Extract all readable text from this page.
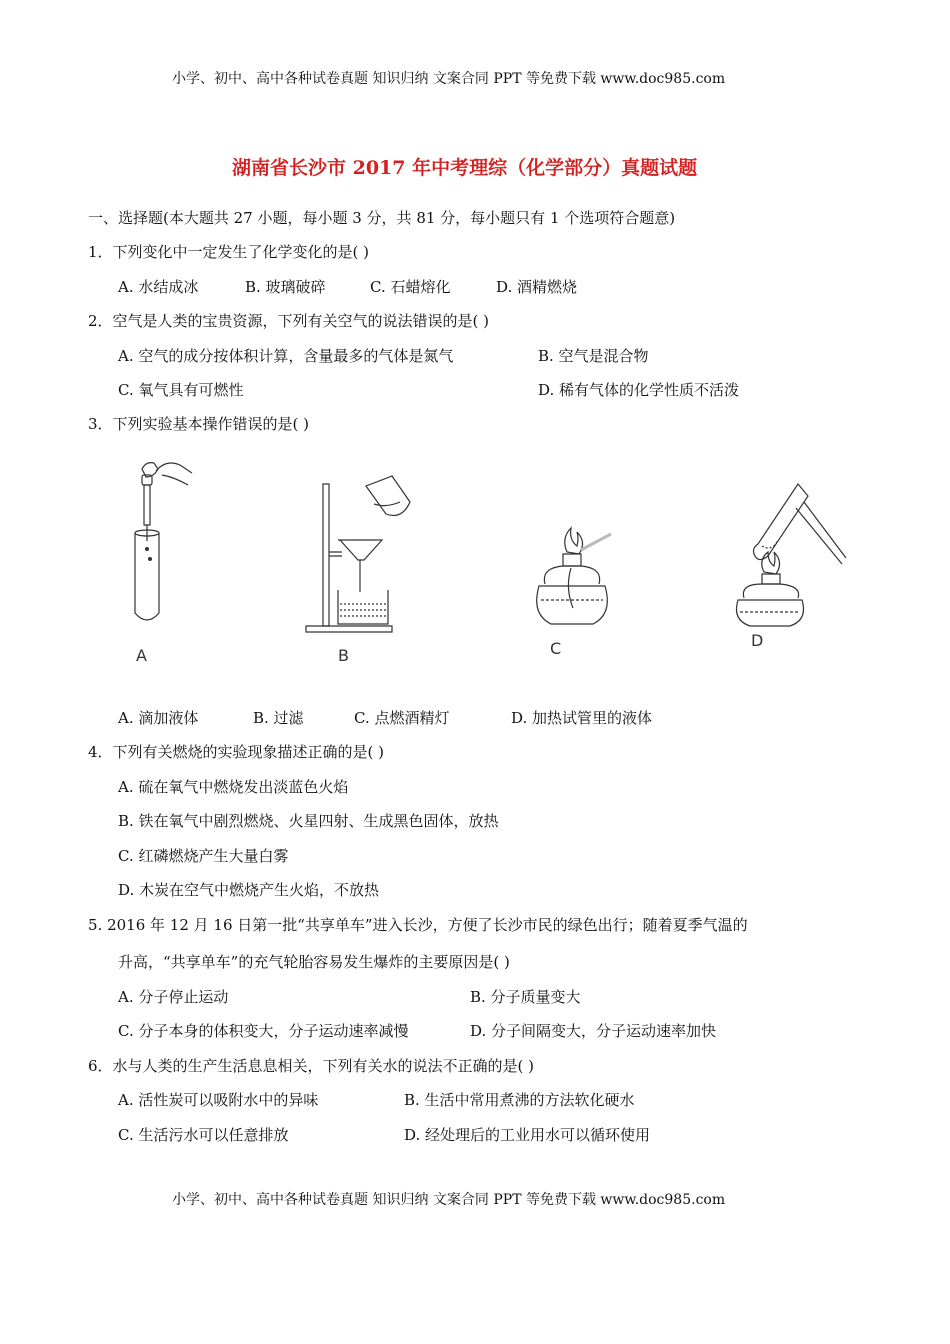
小学、初中、高中各种试卷真题 知识归纳 文案合同 PPT 等免费下载 www.doc985.com
湖南省长沙市 2017 年中考理综（化学部分）真题试题
一、选择题(本大题共 27 小题，每小题 3 分，共 81 分，每小题只有 1 个选项符合题意)
1．下列变化中一定发生了化学变化的是( )
A. 水结成冰	B. 玻璃破碎	C. 石蜡熔化	D. 酒精燃烧
2．空气是人类的宝贵资源，下列有关空气的说法错误的是( )
A. 空气的成分按体积计算，含量最多的气体是氮气	B. 空气是混合物
C. 氧气具有可燃性	D. 稀有气体的化学性质不活泼
3．下列实验基本操作错误的是( )
A	B	C	D
A. 滴加液体	B. 过滤	C. 点燃酒精灯	D. 加热试管里的液体
4．下列有关燃烧的实验现象描述正确的是( )
A. 硫在氧气中燃烧发出淡蓝色火焰
B. 铁在氧气中剧烈燃烧、火星四射、生成黑色固体，放热
C. 红磷燃烧产生大量白雾
D. 木炭在空气中燃烧产生火焰，不放热
5. 2016 年 12 月 16 日第一批“共享单车”进入长沙，方便了长沙市民的绿色出行；随着夏季气温的
升高，“共享单车”的充气轮胎容易发生爆炸的主要原因是( )
A. 分子停止运动	B. 分子质量变大
C. 分子本身的体积变大，分子运动速率减慢	D. 分子间隔变大，分子运动速率加快
6．水与人类的生产生活息息相关，下列有关水的说法不正确的是( )
A. 活性炭可以吸附水中的异味	B. 生活中常用煮沸的方法软化硬水
C. 生活污水可以任意排放	D. 经处理后的工业用水可以循环使用
小学、初中、高中各种试卷真题 知识归纳 文案合同 PPT 等免费下载 www.doc985.com
